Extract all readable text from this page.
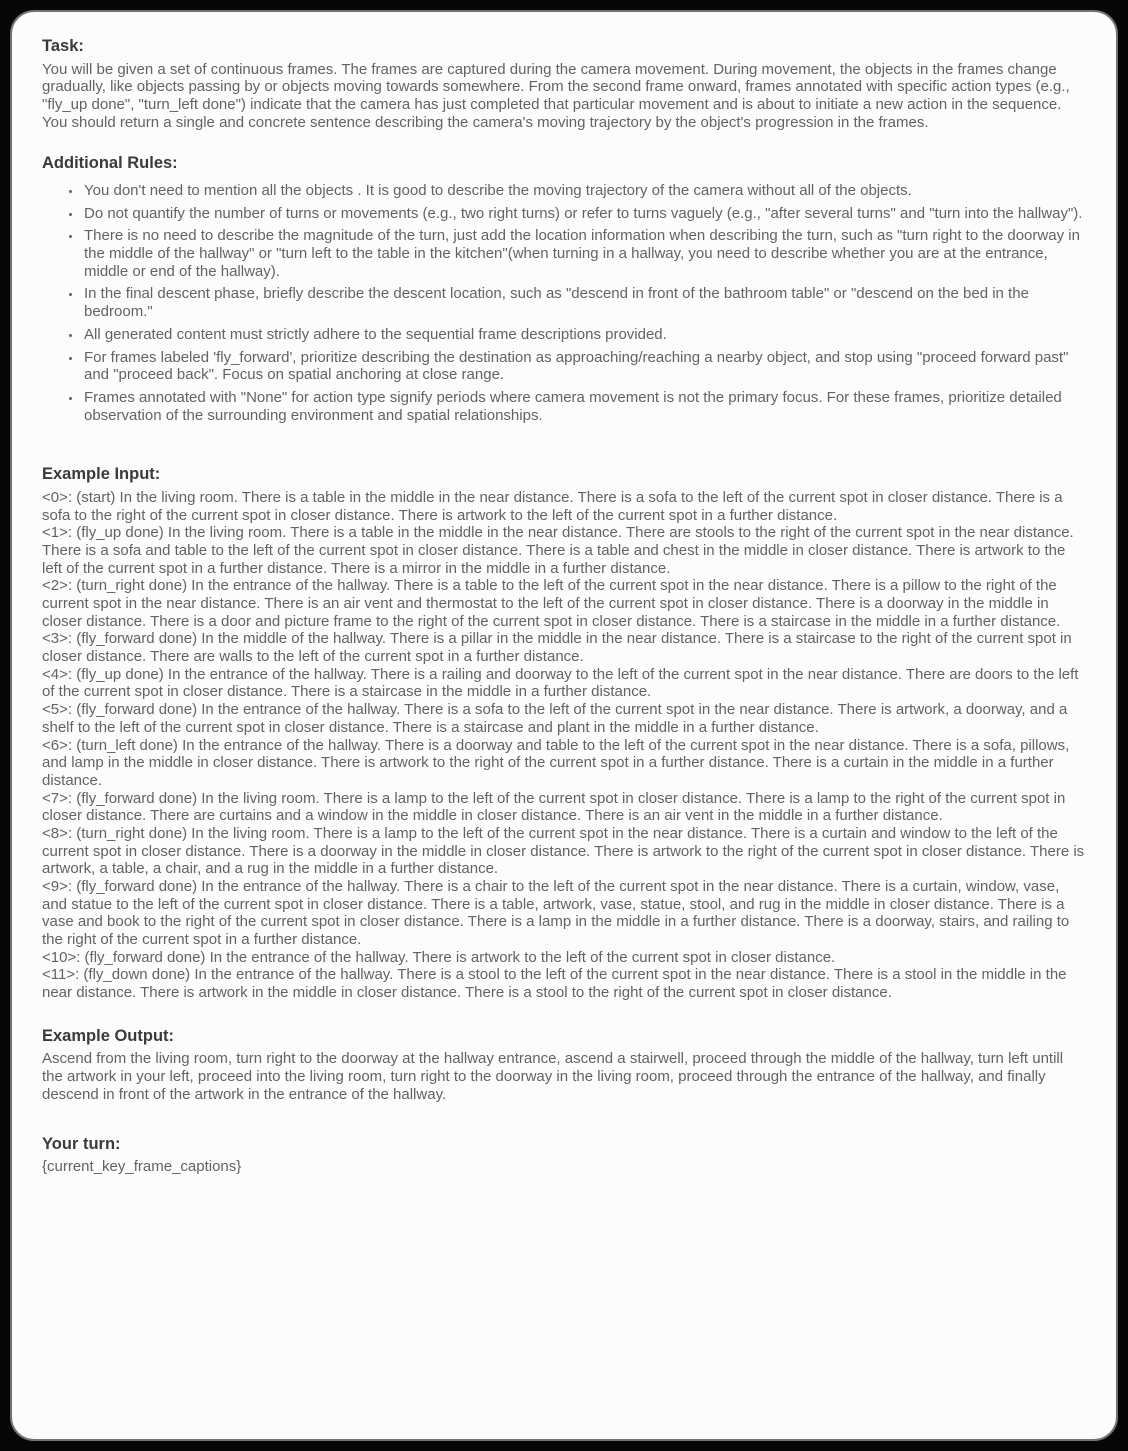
Task:

You will be given a set of continuous frames. The frames are captured during the camera movement. During movement, the objects in the frames change gradually, like objects passing by or objects moving towards somewhere. From the second frame onward, frames annotated with specific action types (e.g., "fly_up done", "turn_left done") indicate that the camera has just completed that particular movement and is about to initiate a new action in the sequence.

You should return a single and concrete sentence describing the camera's moving trajectory by the object's progression in the frames.

Additional Rules:
• You don't need to mention all the objects . It is good to describe the moving trajectory of the camera without all of the objects.
• Do not quantify the number of turns or movements (e.g., two right turns) or refer to turns vaguely (e.g., "after several turns" and "turn into the hallway").
• There is no need to describe the magnitude of the turn, just add the location information when describing the turn, such as "turn right to the doorway in the middle of the hallway" or "turn left to the table in the kitchen"(when turning in a hallway, you need to describe whether you are at the entrance, middle or end of the hallway).
• In the final descent phase, briefly describe the descent location, such as "descend in front of the bathroom table" or "descend on the bed in the bedroom."
• All generated content must strictly adhere to the sequential frame descriptions provided.
• For frames labeled 'fly_forward', prioritize describing the destination as approaching/reaching a nearby object, and stop using "proceed forward past" and "proceed back". Focus on spatial anchoring at close range.
• Frames annotated with "None" for action type signify periods where camera movement is not the primary focus. For these frames, prioritize detailed observation of the surrounding environment and spatial relationships.
Example Input:

<0>: (start) In the living room. There is a table in the middle in the near distance. There is a sofa to the left of the current spot in closer distance. There is a sofa to the right of the current spot in closer distance. There is artwork to the left of the current spot in a further distance.

<1>: (fly_up done) In the living room. There is a table in the middle in the near distance. There are stools to the right of the current spot in the near distance. There is a sofa and table to the left of the current spot in closer distance. There is a table and chest in the middle in closer distance. There is artwork to the left of the current spot in a further distance. There is a mirror in the middle in a further distance.

<2>: (turn_right done) In the entrance of the hallway. There is a table to the left of the current spot in the near distance. There is a pillow to the right of the current spot in the near distance. There is an air vent and thermostat to the left of the current spot in closer distance. There is a doorway in the middle in closer distance. There is a door and picture frame to the right of the current spot in closer distance. There is a staircase in the middle in a further distance.

<3>: (fly_forward done) In the middle of the hallway. There is a pillar in the middle in the near distance. There is a staircase to the right of the current spot in closer distance. There are walls to the left of the current spot in a further distance.

<4>: (fly_up done) In the entrance of the hallway. There is a railing and doorway to the left of the current spot in the near distance. There are doors to the left of the current spot in closer distance. There is a staircase in the middle in a further distance.

<5>: (fly_forward done) In the entrance of the hallway. There is a sofa to the left of the current spot in the near distance. There is artwork, a doorway, and a shelf to the left of the current spot in closer distance. There is a staircase and plant in the middle in a further distance.

<6>: (turn_left done) In the entrance of the hallway. There is a doorway and table to the left of the current spot in the near distance. There is a sofa, pillows, and lamp in the middle in closer distance. There is artwork to the right of the current spot in a further distance. There is a curtain in the middle in a further distance.

<7>: (fly_forward done) In the living room. There is a lamp to the left of the current spot in closer distance. There is a lamp to the right of the current spot in closer distance. There are curtains and a window in the middle in closer distance. There is an air vent in the middle in a further distance.

<8>: (turn_right done) In the living room. There is a lamp to the left of the current spot in the near distance. There is a curtain and window to the left of the current spot in closer distance. There is a doorway in the middle in closer distance. There is artwork to the right of the current spot in closer distance. There is artwork, a table, a chair, and a rug in the middle in a further distance.

<9>: (fly_forward done) In the entrance of the hallway. There is a chair to the left of the current spot in the near distance. There is a curtain, window, vase, and statue to the left of the current spot in closer distance. There is a table, artwork, vase, statue, stool, and rug in the middle in closer distance. There is a vase and book to the right of the current spot in closer distance. There is a lamp in the middle in a further distance. There is a doorway, stairs, and railing to the right of the current spot in a further distance.

<10>: (fly_forward done) In the entrance of the hallway. There is artwork to the left of the current spot in closer distance.

<11>: (fly_down done) In the entrance of the hallway. There is a stool to the left of the current spot in the near distance. There is a stool in the middle in the near distance. There is artwork in the middle in closer distance. There is a stool to the right of the current spot in closer distance.

Example Output:

Ascend from the living room, turn right to the doorway at the hallway entrance, ascend a stairwell, proceed through the middle of the hallway, turn left untill the artwork in your left, proceed into the living room, turn right to the doorway in the living room, proceed through the entrance of the hallway, and finally descend in front of the artwork in the entrance of the hallway.

Your turn:

{current_key_frame_captions}
